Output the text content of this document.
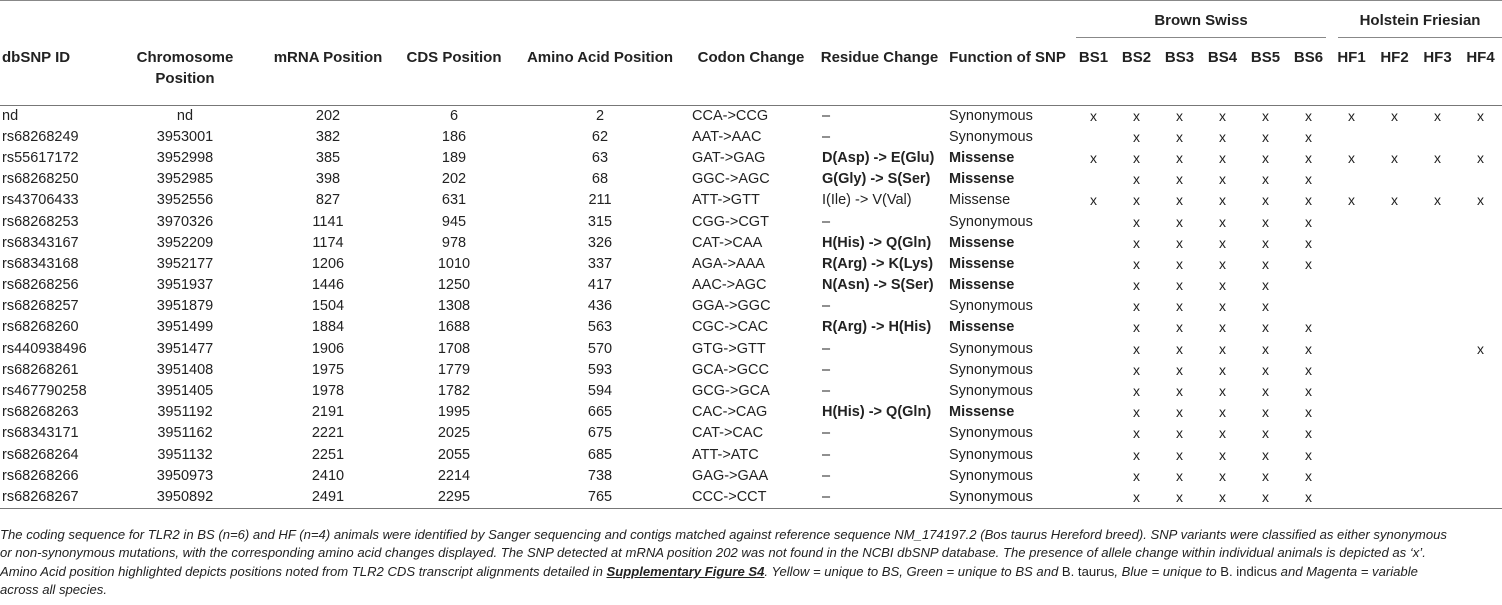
								Brown Swiss						Holstein Friesian			

dbSNP ID	Chromosome Position	mRNA Position	CDS Position	Amino Acid Position	Codon Change	Residue Change	Function of SNP	BS1	BS2	BS3	BS4	BS5	BS6	HF1	HF2	HF3	HF4
nd	nd	202	6	2	CCA->CCG	–	Synonymous	x	x	x	x	x	x	x	x	x	x
rs68268249	3953001	382	186	62	AAT->AAC	–	Synonymous		x	x	x	x	x				
rs55617172	3952998	385	189	63	GAT->GAG	D(Asp) -> E(Glu)	Missense	x	x	x	x	x	x	x	x	x	x
rs68268250	3952985	398	202	68	GGC->AGC	G(Gly) -> S(Ser)	Missense		x	x	x	x	x				
rs43706433	3952556	827	631	211	ATT->GTT	I(Ile) -> V(Val)	Missense	x	x	x	x	x	x	x	x	x	x
rs68268253	3970326	1141	945	315	CGG->CGT	–	Synonymous		x	x	x	x	x				
rs68343167	3952209	1174	978	326	CAT->CAA	H(His) -> Q(Gln)	Missense		x	x	x	x	x				
rs68343168	3952177	1206	1010	337	AGA->AAA	R(Arg) -> K(Lys)	Missense		x	x	x	x	x				
rs68268256	3951937	1446	1250	417	AAC->AGC	N(Asn) -> S(Ser)	Missense		x	x	x	x					
rs68268257	3951879	1504	1308	436	GGA->GGC	–	Synonymous		x	x	x	x					
rs68268260	3951499	1884	1688	563	CGC->CAC	R(Arg) -> H(His)	Missense		x	x	x	x	x				
rs440938496	3951477	1906	1708	570	GTG->GTT	–	Synonymous		x	x	x	x	x				x
rs68268261	3951408	1975	1779	593	GCA->GCC	–	Synonymous		x	x	x	x	x				
rs467790258	3951405	1978	1782	594	GCG->GCA	–	Synonymous		x	x	x	x	x				
rs68268263	3951192	2191	1995	665	CAC->CAG	H(His) -> Q(Gln)	Missense		x	x	x	x	x				
rs68343171	3951162	2221	2025	675	CAT->CAC	–	Synonymous		x	x	x	x	x				
rs68268264	3951132	2251	2055	685	ATT->ATC	–	Synonymous		x	x	x	x	x				
rs68268266	3950973	2410	2214	738	GAG->GAA	–	Synonymous		x	x	x	x	x				
rs68268267	3950892	2491	2295	765	CCC->CCT	–	Synonymous		x	x	x	x	x				
The coding sequence for TLR2 in BS (n=6) and HF (n=4) animals were identified by Sanger sequencing and contigs matched against reference sequence NM_174197.2 (Bos taurus Hereford breed). SNP variants were classified as either synonymous or non-synonymous mutations, with the corresponding amino acid changes displayed. The SNP detected at mRNA position 202 was not found in the NCBI dbSNP database. The presence of allele change within individual animals is depicted as ‘x’. Amino Acid position highlighted depicts positions noted from TLR2 CDS transcript alignments detailed in Supplementary Figure S4. Yellow = unique to BS, Green = unique to BS and B. taurus, Blue = unique to B. indicus and Magenta = variable across all species.
